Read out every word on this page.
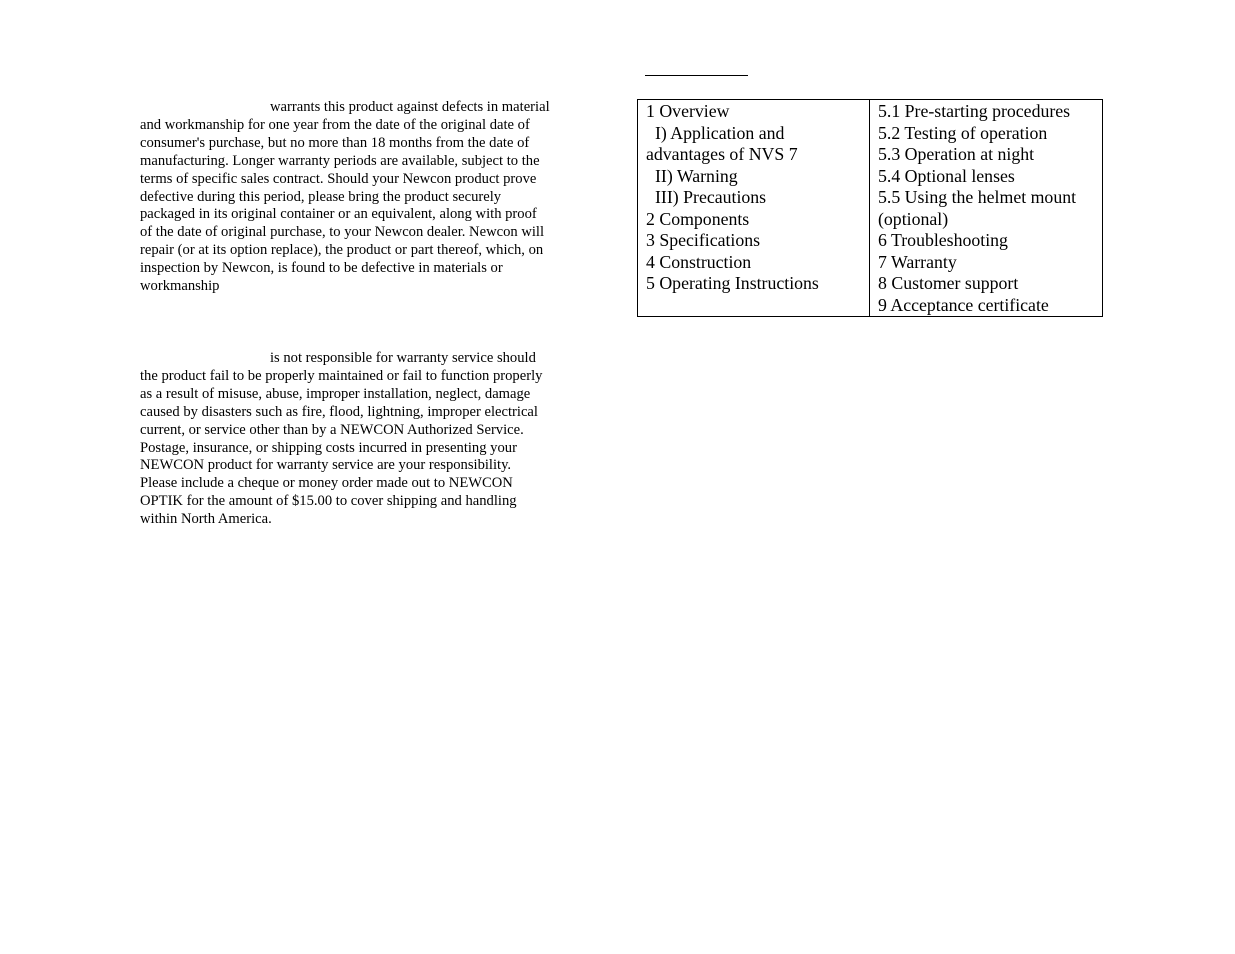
warrants this product against defects in material and workmanship for one year from the date of the original date of consumer's purchase, but no more than 18 months from the date of manufacturing. Longer warranty periods are available, subject to the terms of specific sales contract. Should your Newcon product prove defective during this period, please bring the product securely packaged in its original container or an equivalent, along with proof of the date of original purchase, to your Newcon dealer. Newcon will repair (or at its option replace), the product or part thereof, which, on inspection by Newcon, is found to be defective in materials or workmanship

is not responsible for warranty service should the product fail to be properly maintained or fail to function properly as a result of misuse, abuse, improper installation, neglect, damage caused by disasters such as fire, flood, lightning, improper electrical current, or service other than by a NEWCON Authorized Service. Postage, insurance, or shipping costs incurred in presenting your NEWCON product for warranty service are your responsibility. Please include a cheque or money order made out to NEWCON OPTIK for the amount of $15.00 to cover shipping and handling within North America.

1 Overview
I) Application and advantages of NVS 7
II) Warning
III) Precautions
2 Components
3 Specifications
4 Construction
5 Operating Instructions
5.1 Pre-starting procedures
5.2 Testing of operation
5.3 Operation at night
5.4 Optional lenses
5.5 Using the helmet mount (optional)
6 Troubleshooting
7 Warranty
8 Customer support
9 Acceptance certificate
